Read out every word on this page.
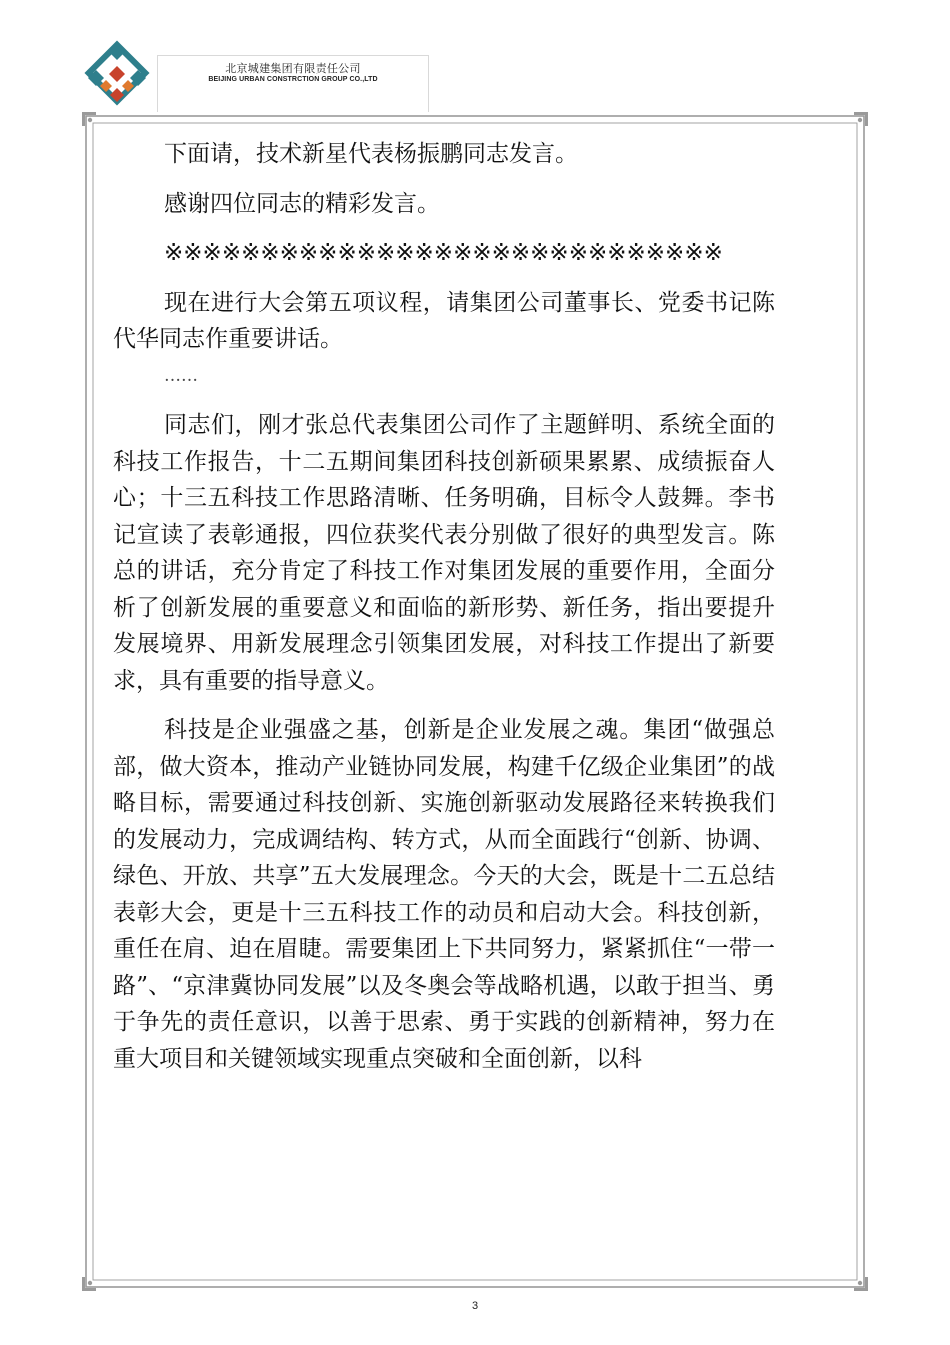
北京城建集团有限责任公司
BEIJING URBAN CONSTRCTION GROUP CO.,LTD

下面请，技术新星代表杨振鹏同志发言。

感谢四位同志的精彩发言。

※※※※※※※※※※※※※※※※※※※※※※※※※※※※※

现在进行大会第五项议程，请集团公司董事长、党委书记陈代华同志作重要讲话。

……

同志们，刚才张总代表集团公司作了主题鲜明、系统全面的科技工作报告，十二五期间集团科技创新硕果累累、成绩振奋人心；十三五科技工作思路清晰、任务明确，目标令人鼓舞。李书记宣读了表彰通报，四位获奖代表分别做了很好的典型发言。陈总的讲话，充分肯定了科技工作对集团发展的重要作用，全面分析了创新发展的重要意义和面临的新形势、新任务，指出要提升发展境界、用新发展理念引领集团发展，对科技工作提出了新要求，具有重要的指导意义。

科技是企业强盛之基，创新是企业发展之魂。集团“做强总部，做大资本，推动产业链协同发展，构建千亿级企业集团”的战略目标，需要通过科技创新、实施创新驱动发展路径来转换我们的发展动力，完成调结构、转方式，从而全面践行“创新、协调、绿色、开放、共享”五大发展理念。今天的大会，既是十二五总结表彰大会，更是十三五科技工作的动员和启动大会。科技创新，重任在肩、迫在眉睫。需要集团上下共同努力，紧紧抓住“一带一路”、“京津冀协同发展”以及冬奥会等战略机遇，以敢于担当、勇于争先的责任意识，以善于思索、勇于实践的创新精神，努力在重大项目和关键领域实现重点突破和全面创新，以科

3
